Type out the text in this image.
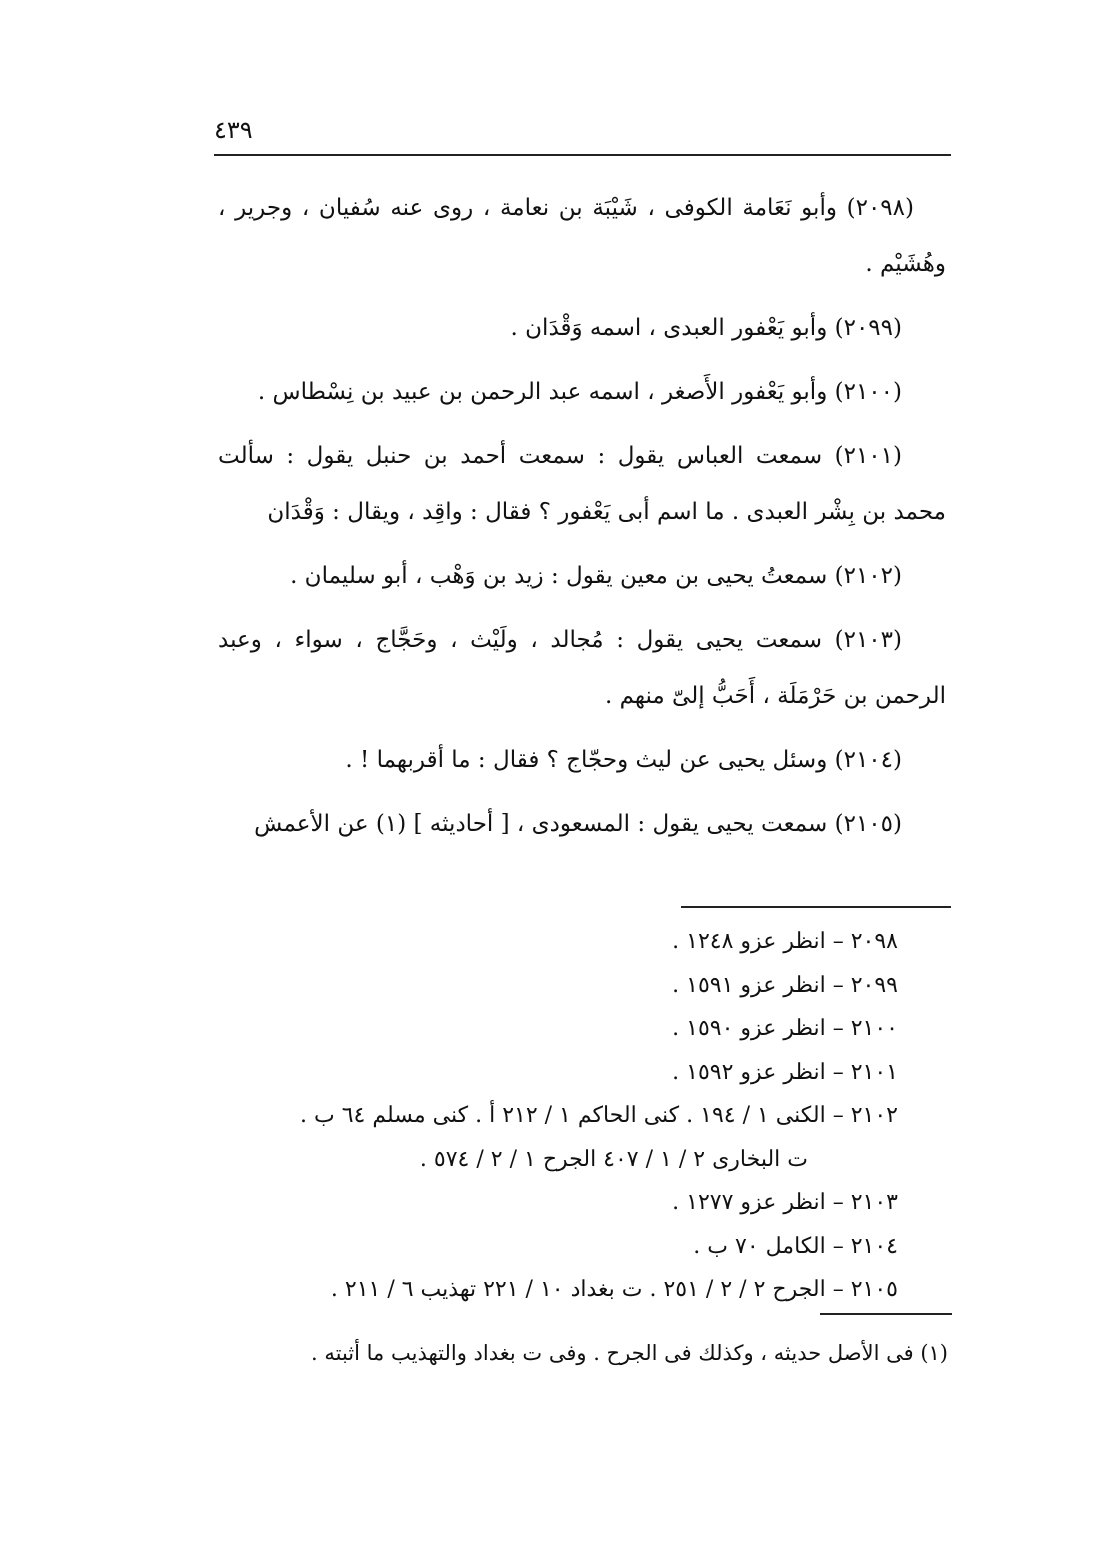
٤٣٩

(٢٠٩٨) وأبو نَعَامة الكوفى ، شَيْبَة بن نعامة ، روى عنه سُفيان ، وجرير ، وهُشَيْم .

(٢٠٩٩) وأبو يَعْفور العبدى ، اسمه وَقْدَان .

(٢١٠٠) وأبو يَعْفور الأَصغر ، اسمه عبد الرحمن بن عبيد بن نِسْطاس .

(٢١٠١) سمعت العباس يقول : سمعت أحمد بن حنبل يقول : سألت محمد بن بِشْر العبدى . ما اسم أبى يَعْفور ؟ فقال : واقِد ، ويقال : وَقْدَان

(٢١٠٢) سمعتُ يحيى بن معين يقول : زيد بن وَهْب ، أبو سليمان .

(٢١٠٣) سمعت يحيى يقول : مُجالد ، ولَيْث ، وحَجَّاج ، سواء ، وعبد الرحمن بن حَرْمَلَة ، أَحَبُّ إلىّ منهم .

(٢١٠٤) وسئل يحيى عن ليث وحجّاج ؟ فقال : ما أقربهما ! .

(٢١٠٥) سمعت يحيى يقول : المسعودى ، [ أحاديثه ] (١) عن الأعمش

٢٠٩٨ – انظر عزو ١٢٤٨ .
٢٠٩٩ – انظر عزو ١٥٩١ .
٢١٠٠ – انظر عزو ١٥٩٠ .
٢١٠١ – انظر عزو ١٥٩٢ .
٢١٠٢ – الكنى ١ / ١٩٤ . كنى الحاكم ١ / ٢١٢ أ . كنى مسلم ٦٤ ب .
ت البخارى ٢ / ١ / ٤٠٧ الجرح ١ / ٢ / ٥٧٤ .
٢١٠٣ – انظر عزو ١٢٧٧ .
٢١٠٤ – الكامل ٧٠ ب .
٢١٠٥ – الجرح ٢ / ٢ / ٢٥١ . ت بغداد ١٠ / ٢٢١ تهذيب ٦ / ٢١١ .

(١) فى الأصل حديثه ، وكذلك فى الجرح . وفى ت بغداد والتهذيب ما أثبته .
